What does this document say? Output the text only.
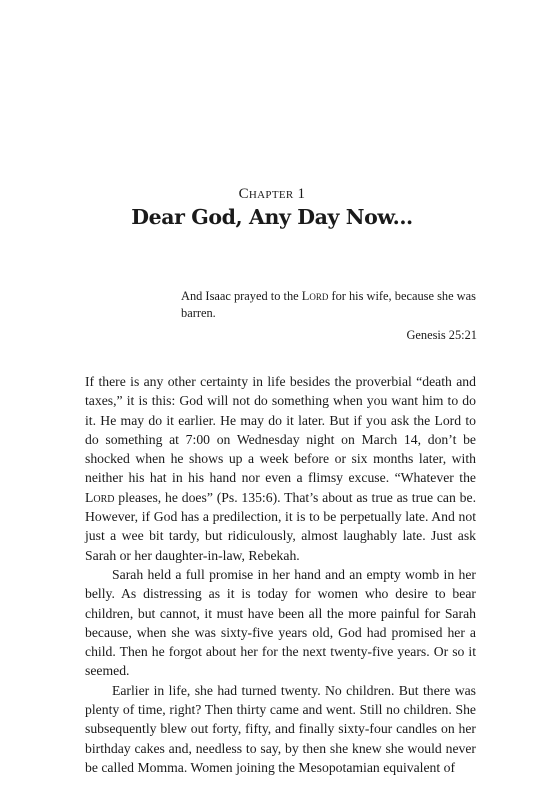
Chapter 1
Dear God, Any Day Now...

And Isaac prayed to the Lord for his wife, because she was barren.

Genesis 25:21

If there is any other certainty in life besides the proverbial “death and taxes,” it is this: God will not do something when you want him to do it. He may do it earlier. He may do it later. But if you ask the Lord to do something at 7:00 on Wednesday night on March 14, don’t be shocked when he shows up a week before or six months later, with neither his hat in his hand nor even a flimsy excuse. “Whatever the Lord pleases, he does” (Ps. 135:6). That’s about as true as true can be. However, if God has a predilection, it is to be perpetually late. And not just a wee bit tardy, but ridiculously, almost laughably late. Just ask Sarah or her daughter-in-law, Rebekah.

Sarah held a full promise in her hand and an empty womb in her belly. As distressing as it is today for women who desire to bear children, but cannot, it must have been all the more painful for Sarah because, when she was sixty-five years old, God had promised her a child. Then he forgot about her for the next twenty-five years. Or so it seemed.

Earlier in life, she had turned twenty. No children. But there was plenty of time, right? Then thirty came and went. Still no children. She subsequently blew out forty, fifty, and finally sixty-four candles on her birthday cakes and, needless to say, by then she knew she would never be called Momma. Women joining the Mesopotamian equivalent of
